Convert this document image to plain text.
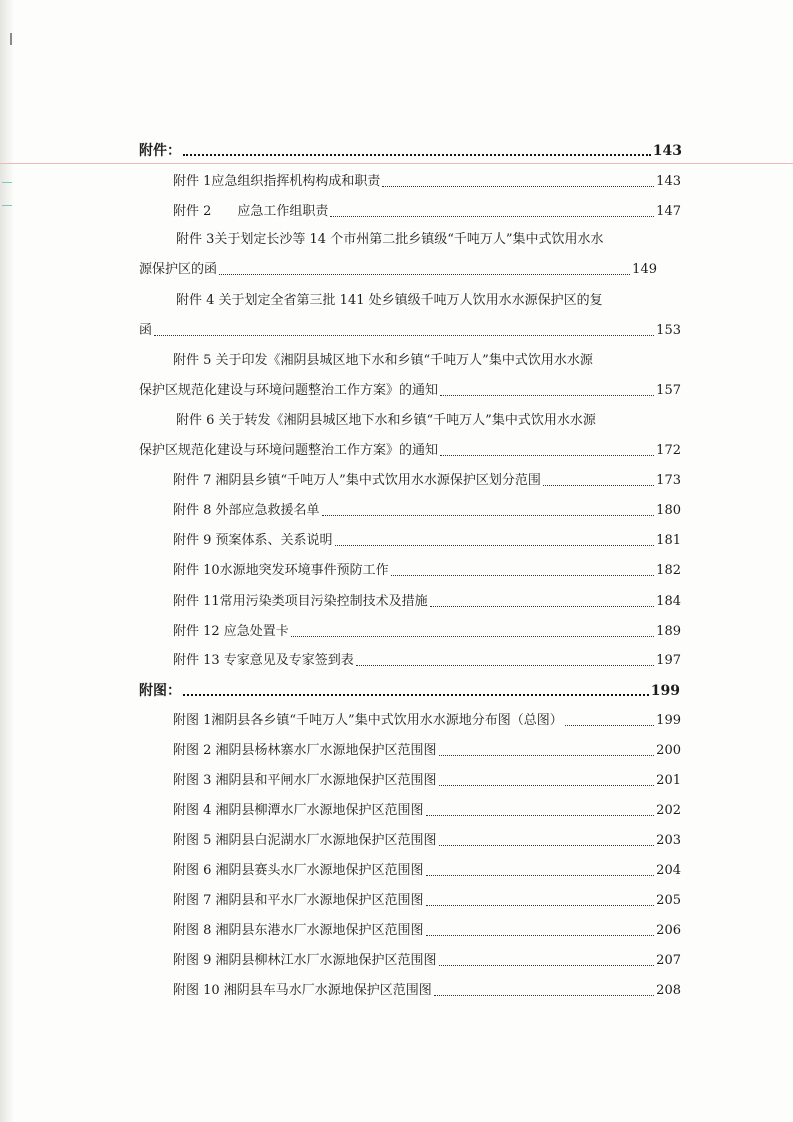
附件：	143
附件 1应急组织指挥机构构成和职责	143
附件 2　　应急工作组职责	147
附件 3关于划定长沙等 14 个市州第二批乡镇级“千吨万人”集中式饮用水水
源保护区的函	149
附件 4 关于划定全省第三批 141 处乡镇级千吨万人饮用水水源保护区的复
函	153
附件 5 关于印发《湘阴县城区地下水和乡镇“千吨万人”集中式饮用水水源
保护区规范化建设与环境问题整治工作方案》的通知	157
附件 6 关于转发《湘阴县城区地下水和乡镇“千吨万人”集中式饮用水水源
保护区规范化建设与环境问题整治工作方案》的通知	172
附件 7 湘阴县乡镇“千吨万人”集中式饮用水水源保护区划分范围	173
附件 8 外部应急救援名单	180
附件 9 预案体系、关系说明	181
附件 10水源地突发环境事件预防工作	182
附件 11常用污染类项目污染控制技术及措施	184
附件 12 应急处置卡	189
附件 13 专家意见及专家签到表	197
附图：	199
附图 1湘阴县各乡镇“千吨万人”集中式饮用水水源地分布图（总图）	199
附图 2 湘阴县杨林寨水厂水源地保护区范围图	200
附图 3 湘阴县和平闸水厂水源地保护区范围图	201
附图 4 湘阴县柳潭水厂水源地保护区范围图	202
附图 5 湘阴县白泥湖水厂水源地保护区范围图	203
附图 6 湘阴县赛头水厂水源地保护区范围图	204
附图 7 湘阴县和平水厂水源地保护区范围图	205
附图 8 湘阴县东港水厂水源地保护区范围图	206
附图 9 湘阴县柳林江水厂水源地保护区范围图	207
附图 10 湘阴县车马水厂水源地保护区范围图	208
